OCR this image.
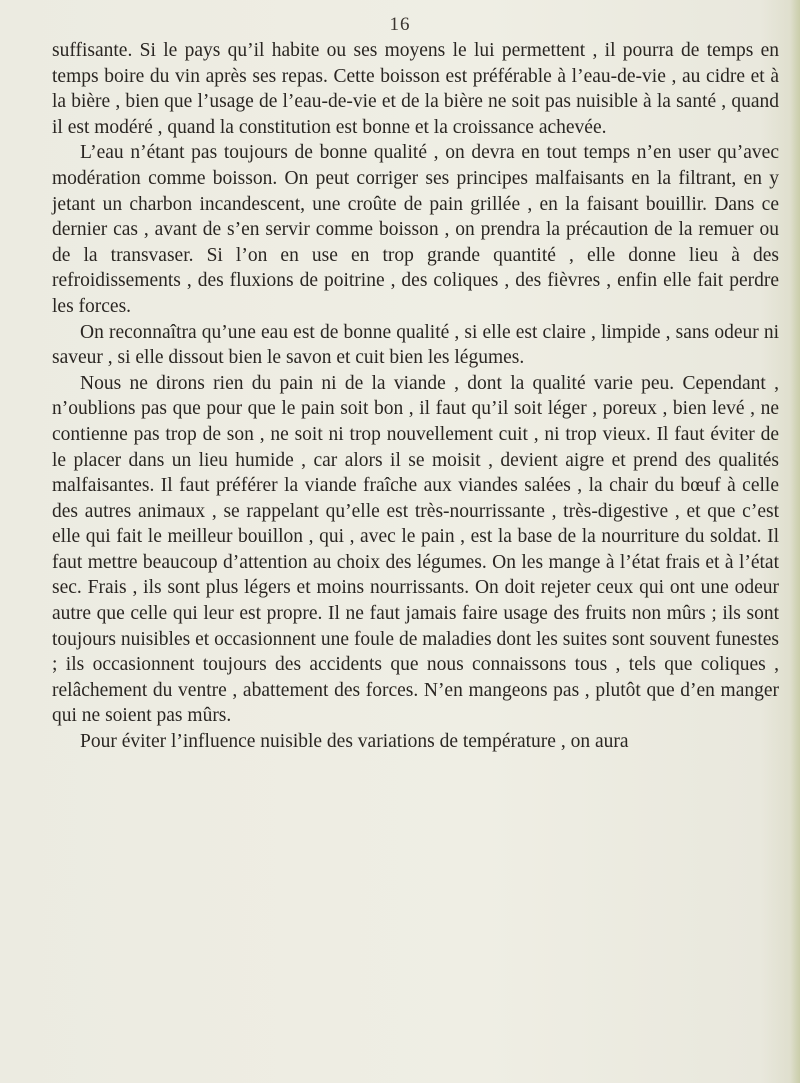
16

suffisante. Si le pays qu’il habite ou ses moyens le lui permettent , il pourra de temps en temps boire du vin après ses repas. Cette boisson est préférable à l’eau-de-vie , au cidre et à la bière , bien que l’usage de l’eau-de-vie et de la bière ne soit pas nuisible à la santé , quand il est modéré , quand la constitution est bonne et la croissance achevée.

L’eau n’étant pas toujours de bonne qualité , on devra en tout temps n’en user qu’avec modération comme boisson. On peut corriger ses principes malfaisants en la filtrant, en y jetant un charbon incandescent, une croûte de pain grillée , en la faisant bouillir. Dans ce dernier cas , avant de s’en servir comme boisson , on prendra la précaution de la remuer ou de la transvaser. Si l’on en use en trop grande quantité , elle donne lieu à des refroidissements , des fluxions de poitrine , des coliques , des fièvres , enfin elle fait perdre les forces.

On reconnaîtra qu’une eau est de bonne qualité , si elle est claire , limpide , sans odeur ni saveur , si elle dissout bien le savon et cuit bien les légumes.

Nous ne dirons rien du pain ni de la viande , dont la qualité varie peu. Cependant , n’oublions pas que pour que le pain soit bon , il faut qu’il soit léger , poreux , bien levé , ne contienne pas trop de son , ne soit ni trop nouvellement cuit , ni trop vieux. Il faut éviter de le placer dans un lieu humide , car alors il se moisit , devient aigre et prend des qualités malfaisantes. Il faut préférer la viande fraîche aux viandes salées , la chair du bœuf à celle des autres animaux , se rappelant qu’elle est très-nourrissante , très-digestive , et que c’est elle qui fait le meilleur bouillon , qui , avec le pain , est la base de la nourriture du soldat. Il faut mettre beaucoup d’attention au choix des légumes. On les mange à l’état frais et à l’état sec. Frais , ils sont plus légers et moins nourrissants. On doit rejeter ceux qui ont une odeur autre que celle qui leur est propre. Il ne faut jamais faire usage des fruits non mûrs ; ils sont toujours nuisibles et occasionnent une foule de maladies dont les suites sont souvent funestes ; ils occasionnent toujours des accidents que nous connaissons tous , tels que coliques , relâchement du ventre , abattement des forces. N’en mangeons pas , plutôt que d’en manger qui ne soient pas mûrs.

Pour éviter l’influence nuisible des variations de température , on aura
